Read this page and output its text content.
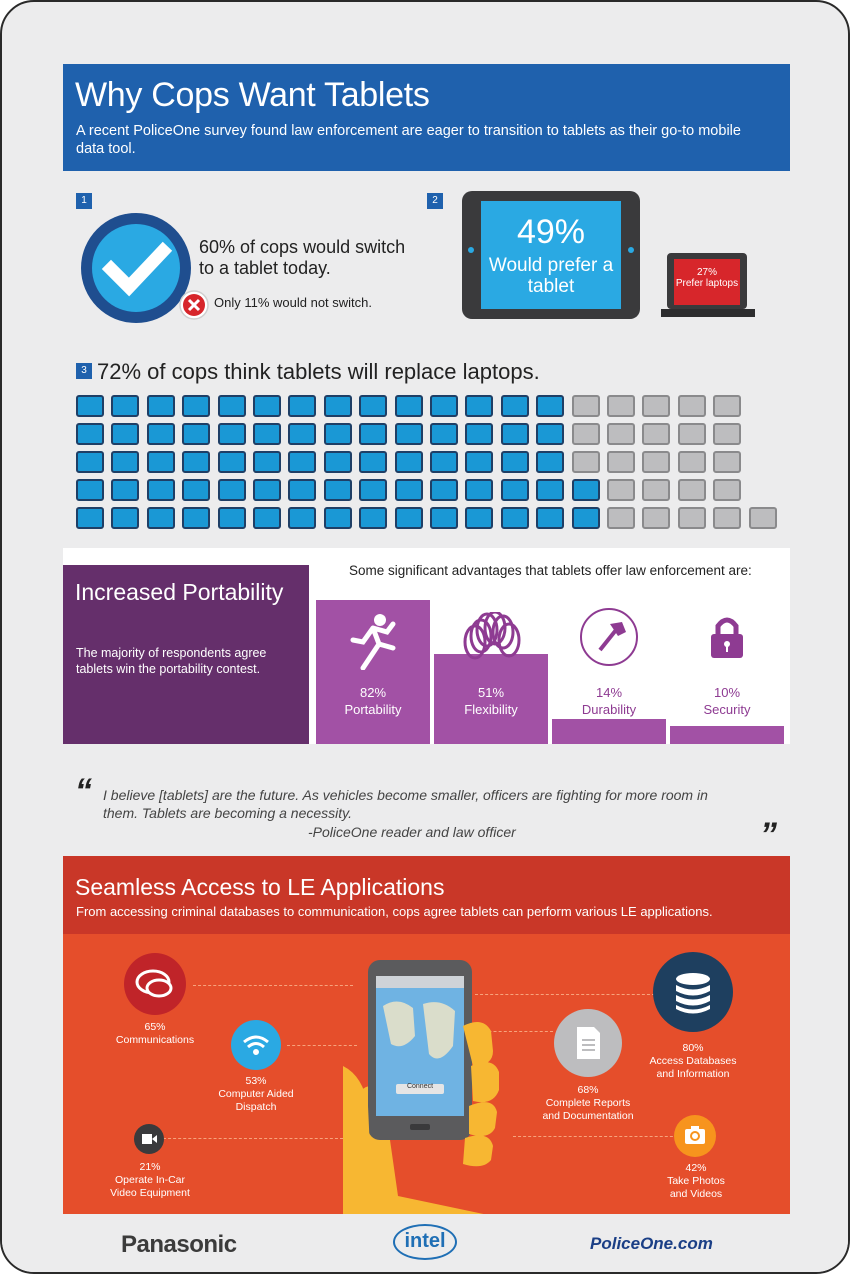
Why Cops Want Tablets

A recent PoliceOne survey found law enforcement are eager to transition to tablets as their go-to mobile data tool.

1
60% of cops would switch to a tablet today.
Only 11% would not switch.
2
49%
Would prefer a tablet
27%
Prefer laptops
3 72% of cops think tablets will replace laptops.
Increased Portability

The majority of respondents agree tablets win the portability contest.

Some significant advantages that tablets offer law enforcement are:
82%
Portability
51%
Flexibility
14%
Durability
10%
Security
“ I believe [tablets] are the future. As vehicles become smaller, officers are fighting for more room in them. Tablets are becoming a necessity.
-PoliceOne reader and law officer	”
Seamless Access to LE Applications

From accessing criminal databases to communication, cops agree tablets can perform various LE applications.

Connect
65%
Communications
53%
Computer Aided Dispatch
21%
Operate In-Car Video Equipment
80%
Access Databases and Information
68%
Complete Reports and Documentation
42%
Take Photos and Videos
Panasonic	intel	PoliceOne.com
